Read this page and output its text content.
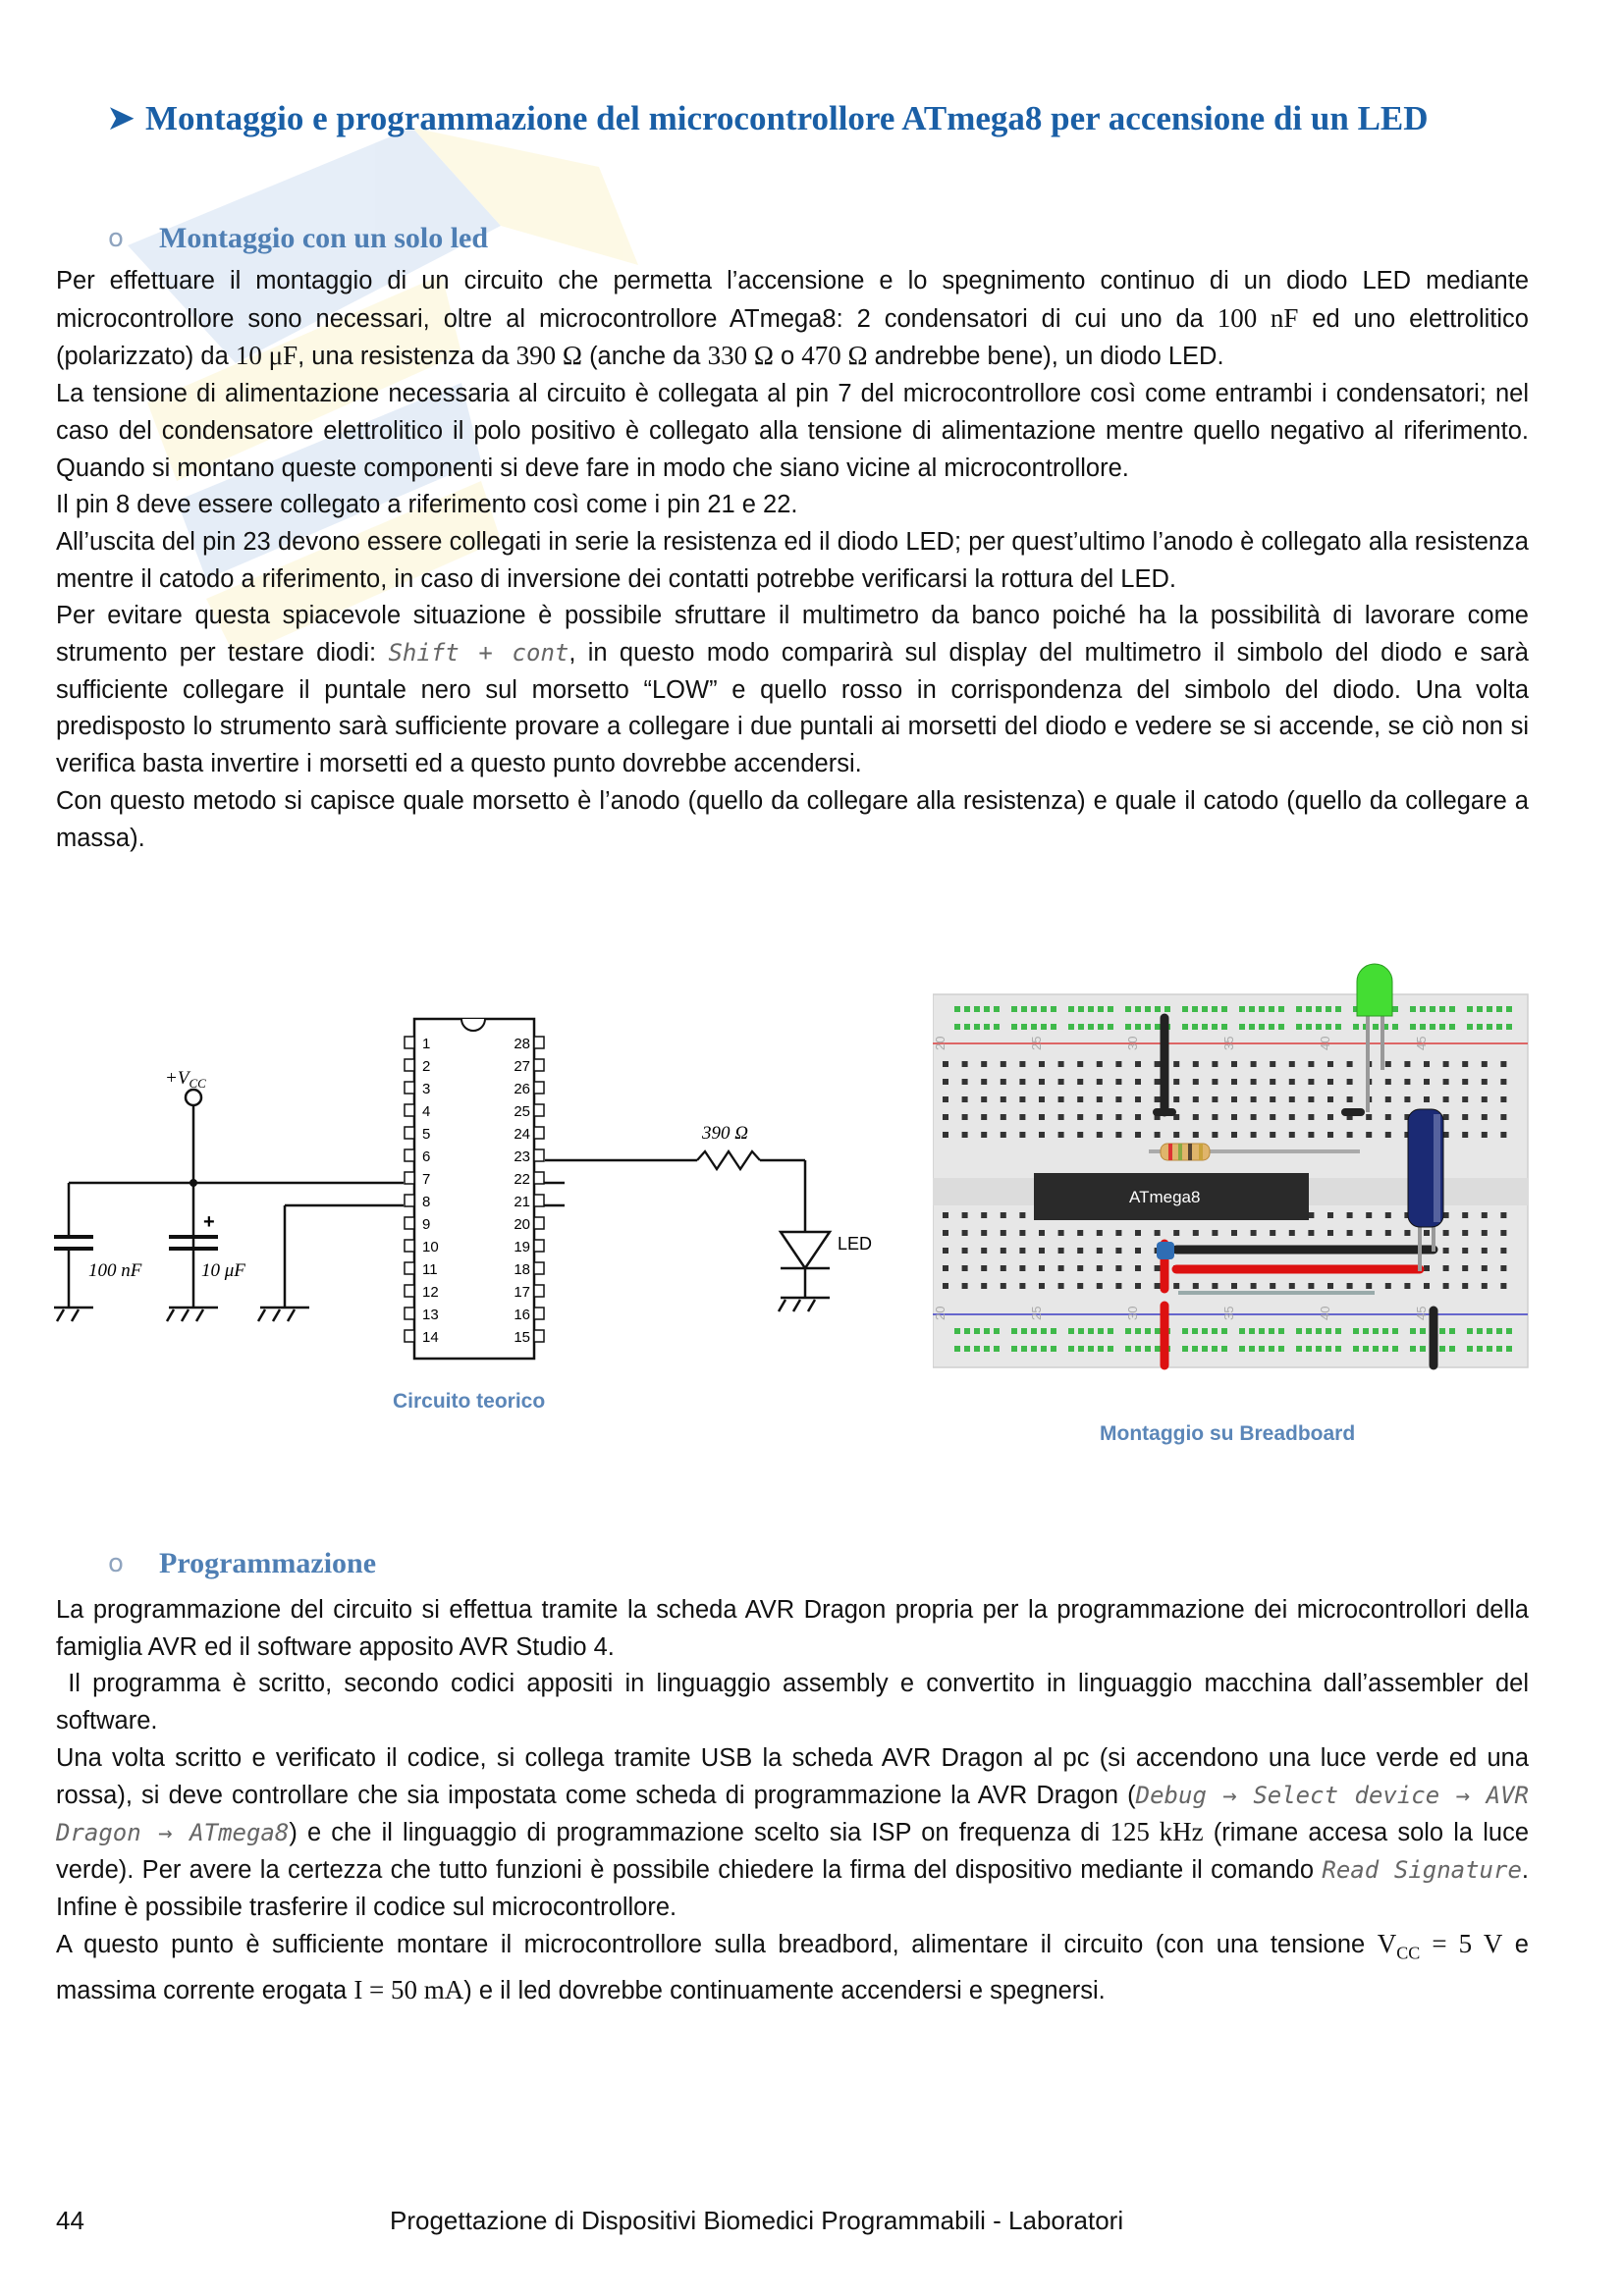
➤ Montaggio e programmazione del microcontrollore ATmega8 per accensione di un LED
o	Montaggio con un solo led

Per effettuare il montaggio di un circuito che permetta l’accensione e lo spegnimento continuo di un diodo LED mediante microcontrollore sono necessari, oltre al microcontrollore ATmega8: 2 condensatori di cui uno da 100 nF ed uno elettrolitico (polarizzato) da 10 μF, una resistenza da 390 Ω (anche da 330 Ω o 470 Ω andrebbe bene), un diodo LED.

La tensione di alimentazione necessaria al circuito è collegata al pin 7 del microcontrollore così come entrambi i condensatori; nel caso del condensatore elettrolitico il polo positivo è collegato alla tensione di alimentazione mentre quello negativo al riferimento. Quando si montano queste componenti si deve fare in modo che siano vicine al microcontrollore.

Il pin 8 deve essere collegato a riferimento così come i pin 21 e 22.

All’uscita del pin 23 devono essere collegati in serie la resistenza ed il diodo LED; per quest’ultimo l’anodo è collegato alla resistenza mentre il catodo a riferimento, in caso di inversione dei contatti potrebbe verificarsi la rottura del LED.

Per evitare questa spiacevole situazione è possibile sfruttare il multimetro da banco poiché ha la possibilità di lavorare come strumento per testare diodi: Shift + cont, in questo modo comparirà sul display del multimetro il simbolo del diodo e sarà sufficiente collegare il puntale nero sul morsetto “LOW” e quello rosso in corrispondenza del simbolo del diodo. Una volta predisposto lo strumento sarà sufficiente provare a collegare i due puntali ai morsetti del diodo e vedere se si accende, se ciò non si verifica basta invertire i morsetti ed a questo punto dovrebbe accendersi.

Con questo metodo si capisce quale morsetto è l’anodo (quello da collegare alla resistenza) e quale il catodo (quello da collegare a massa).

$+V_{CC}$
+
100 nF	10 μF
1
2
3
4
5
6
7
8
9
10
11
12
13
14
28
27
26
25
24
23
22
21
20
19
18
17
16
15
390 Ω
LED
Circuito teorico
20
20
25
25
30
30
35
35
40
40
45
45
ATmega8
Montaggio su Breadboard
o	Programmazione

La programmazione del circuito si effettua tramite la scheda AVR Dragon propria per la programmazione dei microcontrollori della famiglia AVR ed il software apposito AVR Studio 4.

Il programma è scritto, secondo codici appositi in linguaggio assembly e convertito in linguaggio macchina dall’assembler del software.

Una volta scritto e verificato il codice, si collega tramite USB la scheda AVR Dragon al pc (si accendono una luce verde ed una rossa), si deve controllare che sia impostata come scheda di programmazione la AVR Dragon (Debug → Select device → AVR Dragon → ATmega8) e che il linguaggio di programmazione scelto sia ISP on frequenza di 125 kHz (rimane accesa solo la luce verde). Per avere la certezza che tutto funzioni è possibile chiedere la firma del dispositivo mediante il comando Read Signature. Infine è possibile trasferire il codice sul microcontrollore.

A questo punto è sufficiente montare il microcontrollore sulla breadbord, alimentare il circuito (con una tensione $V_{CC} = 5$ V e massima corrente erogata I = 50 mA) e il led dovrebbe continuamente accendersi e spegnersi.

44	Progettazione di Dispositivi Biomedici Programmabili - Laboratori
